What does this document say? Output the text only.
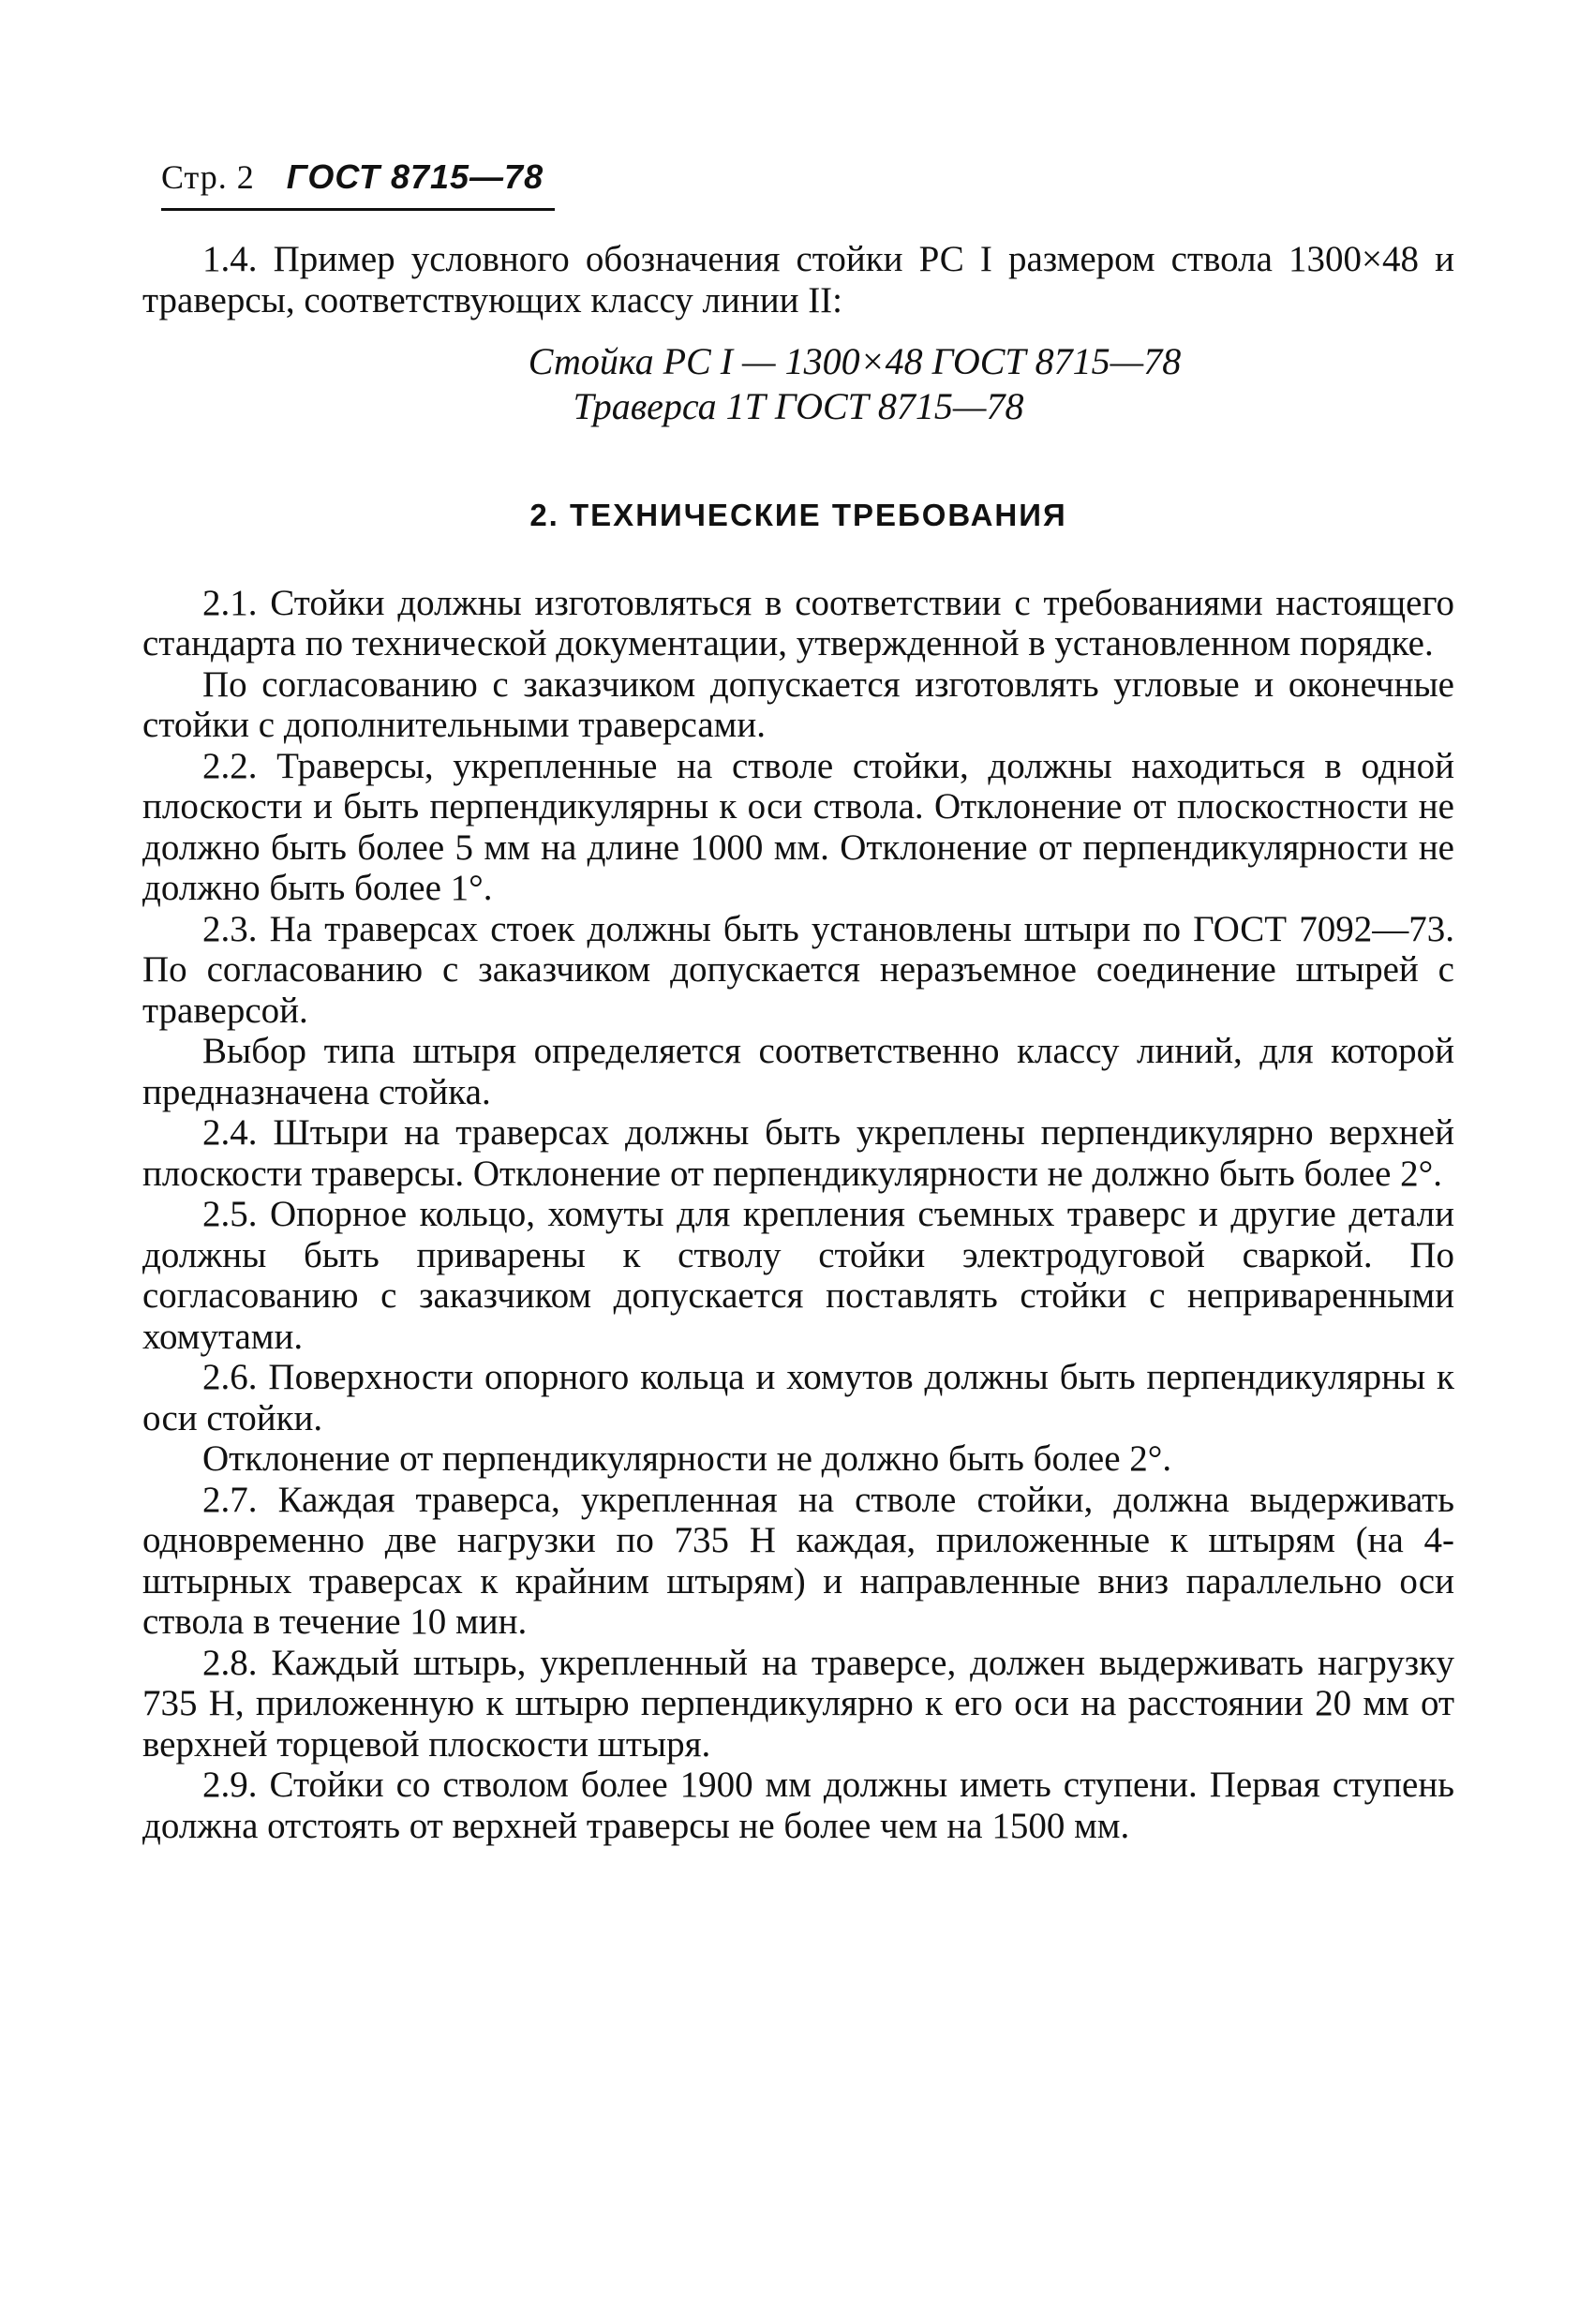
Стр. 2 ГОСТ 8715—78

1.4. Пример условного обозначения стойки РС I размером ствола 1300×48 и траверсы, соответствующих классу линии II:

Стойка РС I — 1300×48 ГОСТ 8715—78
Траверса 1Т ГОСТ 8715—78
2. ТЕХНИЧЕСКИЕ ТРЕБОВАНИЯ

2.1. Стойки должны изготовляться в соответствии с требованиями настоящего стандарта по технической документации, утвержденной в установленном порядке.

По согласованию с заказчиком допускается изготовлять угловые и оконечные стойки с дополнительными траверсами.

2.2. Траверсы, укрепленные на стволе стойки, должны находиться в одной плоскости и быть перпендикулярны к оси ствола. Отклонение от плоскостности не должно быть более 5 мм на длине 1000 мм. Отклонение от перпендикулярности не должно быть более 1°.

2.3. На траверсах стоек должны быть установлены штыри по ГОСТ 7092—73. По согласованию с заказчиком допускается неразъемное соединение штырей с траверсой.

Выбор типа штыря определяется соответственно классу линий, для которой предназначена стойка.

2.4. Штыри на траверсах должны быть укреплены перпендикулярно верхней плоскости траверсы. Отклонение от перпендикулярности не должно быть более 2°.

2.5. Опорное кольцо, хомуты для крепления съемных траверс и другие детали должны быть приварены к стволу стойки электродуговой сваркой. По согласованию с заказчиком допускается поставлять стойки с неприваренными хомутами.

2.6. Поверхности опорного кольца и хомутов должны быть перпендикулярны к оси стойки.

Отклонение от перпендикулярности не должно быть более 2°.

2.7. Каждая траверса, укрепленная на стволе стойки, должна выдерживать одновременно две нагрузки по 735 Н каждая, приложенные к штырям (на 4-штырных траверсах к крайним штырям) и направленные вниз параллельно оси ствола в течение 10 мин.

2.8. Каждый штырь, укрепленный на траверсе, должен выдерживать нагрузку 735 Н, приложенную к штырю перпендикулярно к его оси на расстоянии 20 мм от верхней торцевой плоскости штыря.

2.9. Стойки со стволом более 1900 мм должны иметь ступени. Первая ступень должна отстоять от верхней траверсы не более чем на 1500 мм.
